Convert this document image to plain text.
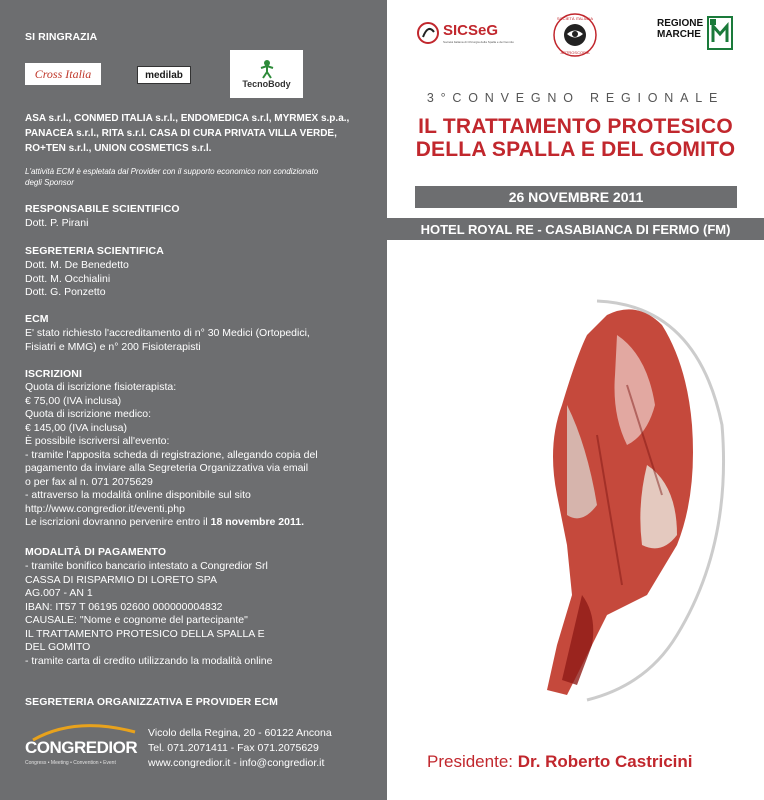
SI RINGRAZIA
Cross Italia	medilab
TecnoBody
ASA s.r.l., CONMED ITALIA s.r.l., ENDOMEDICA s.r.l, MYRMEX s.p.a., PANACEA s.r.l., RITA s.r.l. CASA DI CURA PRIVATA VILLA VERDE, RO+TEN s.r.l., UNION COSMETICS s.r.l.
L'attività ECM è espletata dal Provider con il supporto economico non condizionato degli Sponsor
RESPONSABILE SCIENTIFICO
Dott. P. Pirani
SEGRETERIA SCIENTIFICA
Dott. M. De Benedetto
Dott. M. Occhialini
Dott. G. Ponzetto
ECM
E' stato richiesto l'accreditamento di n° 30 Medici (Ortopedici,
Fisiatri e MMG) e n° 200 Fisioterapisti
ISCRIZIONI
Quota di iscrizione fisioterapista:
€ 75,00 (IVA inclusa)
Quota di iscrizione medico:
€ 145,00 (IVA inclusa)
È possibile iscriversi all'evento:
- tramite l'apposita scheda di registrazione, allegando copia del
pagamento da inviare alla Segreteria Organizzativa via email
o per fax al n. 071 2075629
- attraverso la modalità online disponibile sul sito
http://www.congredior.it/eventi.php
Le iscrizioni dovranno pervenire entro il 18 novembre 2011.
MODALITÀ DI PAGAMENTO
- tramite bonifico bancario intestato a Congredior Srl
CASSA DI RISPARMIO DI LORETO SPA
AG.007 - AN 1
IBAN: IT57 T 06195 02600 000000004832
CAUSALE: "Nome e cognome del partecipante"
IL TRATTAMENTO PROTESICO DELLA SPALLA E
DEL GOMITO
- tramite carta di credito utilizzando la modalità online
SEGRETERIA ORGANIZZATIVA E PROVIDER ECM
CONGREDIOR
Congress • Meeting • Convention • Event
Vicolo della Regina, 20 - 60122 Ancona
Tel. 071.2071411 - Fax 071.2075629
www.congredior.it - info@congredior.it
SICSeG
Società Italiana di Chirurgia della Spalla e del Gomito
SOCIETÀ ITALIANA
ARTROSCOPIA
REGIONE
MARCHE
3°CONVEGNO REGIONALE
IL TRATTAMENTO PROTESICO
DELLA SPALLA E DEL GOMITO
26 NOVEMBRE 2011
HOTEL ROYAL RE - CASABIANCA DI FERMO (FM)
Presidente: Dr. Roberto Castricini
